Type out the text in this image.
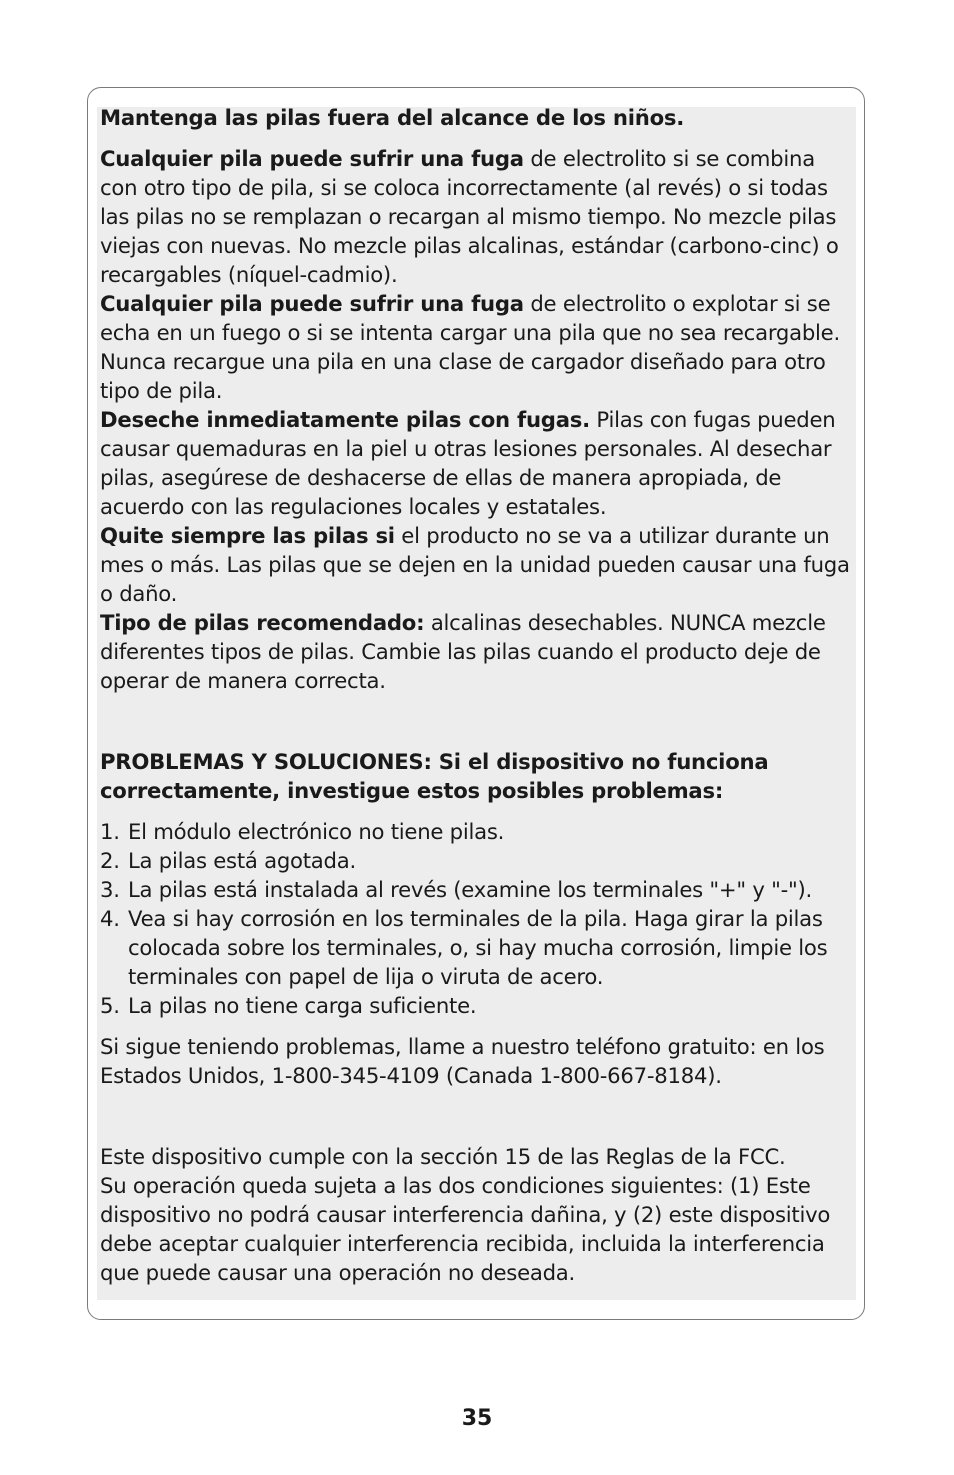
Mantenga las pilas fuera del alcance de los niños.

Cualquier pila puede sufrir una fuga de electrolito si se combina con otro tipo de pila, si se coloca incorrectamente (al revés) o si todas las pilas no se remplazan o recargan al mismo tiempo. No mezcle pilas viejas con nuevas. No mezcle pilas alcalinas, estándar (carbono-cinc) o recargables (níquel-cadmio).

Cualquier pila puede sufrir una fuga de electrolito o explotar si se echa en un fuego o si se intenta cargar una pila que no sea recargable. Nunca recargue una pila en una clase de cargador diseñado para otro tipo de pila.

Deseche inmediatamente pilas con fugas. Pilas con fugas pueden causar quemaduras en la piel u otras lesiones personales. Al desechar pilas, asegúrese de deshacerse de ellas de manera apropiada, de acuerdo con las regulaciones locales y estatales.

Quite siempre las pilas si el producto no se va a utilizar durante un mes o más. Las pilas que se dejen en la unidad pueden causar una fuga o daño.

Tipo de pilas recomendado: alcalinas desechables. NUNCA mezcle diferentes tipos de pilas. Cambie las pilas cuando el producto deje de operar de manera correcta.

PROBLEMAS Y SOLUCIONES: Si el dispositivo no funciona correctamente, investigue estos posibles problemas:

1. El módulo electrónico no tiene pilas.
2. La pilas está agotada.
3. La pilas está instalada al revés (examine los terminales "+" y "-").
4. Vea si hay corrosión en los terminales de la pila. Haga girar la pilas colocada sobre los terminales, o, si hay mucha corrosión, limpie los terminales con papel de lija o viruta de acero.
5. La pilas no tiene carga suficiente.

Si sigue teniendo problemas, llame a nuestro teléfono gratuito: en los Estados Unidos, 1-800-345-4109 (Canada 1-800-667-8184).

Este dispositivo cumple con la sección 15 de las Reglas de la FCC.

Su operación queda sujeta a las dos condiciones siguientes: (1) Este dispositivo no podrá causar interferencia dañina, y (2) este dispositivo debe aceptar cualquier interferencia recibida, incluida la interferencia que puede causar una operación no deseada.

35
